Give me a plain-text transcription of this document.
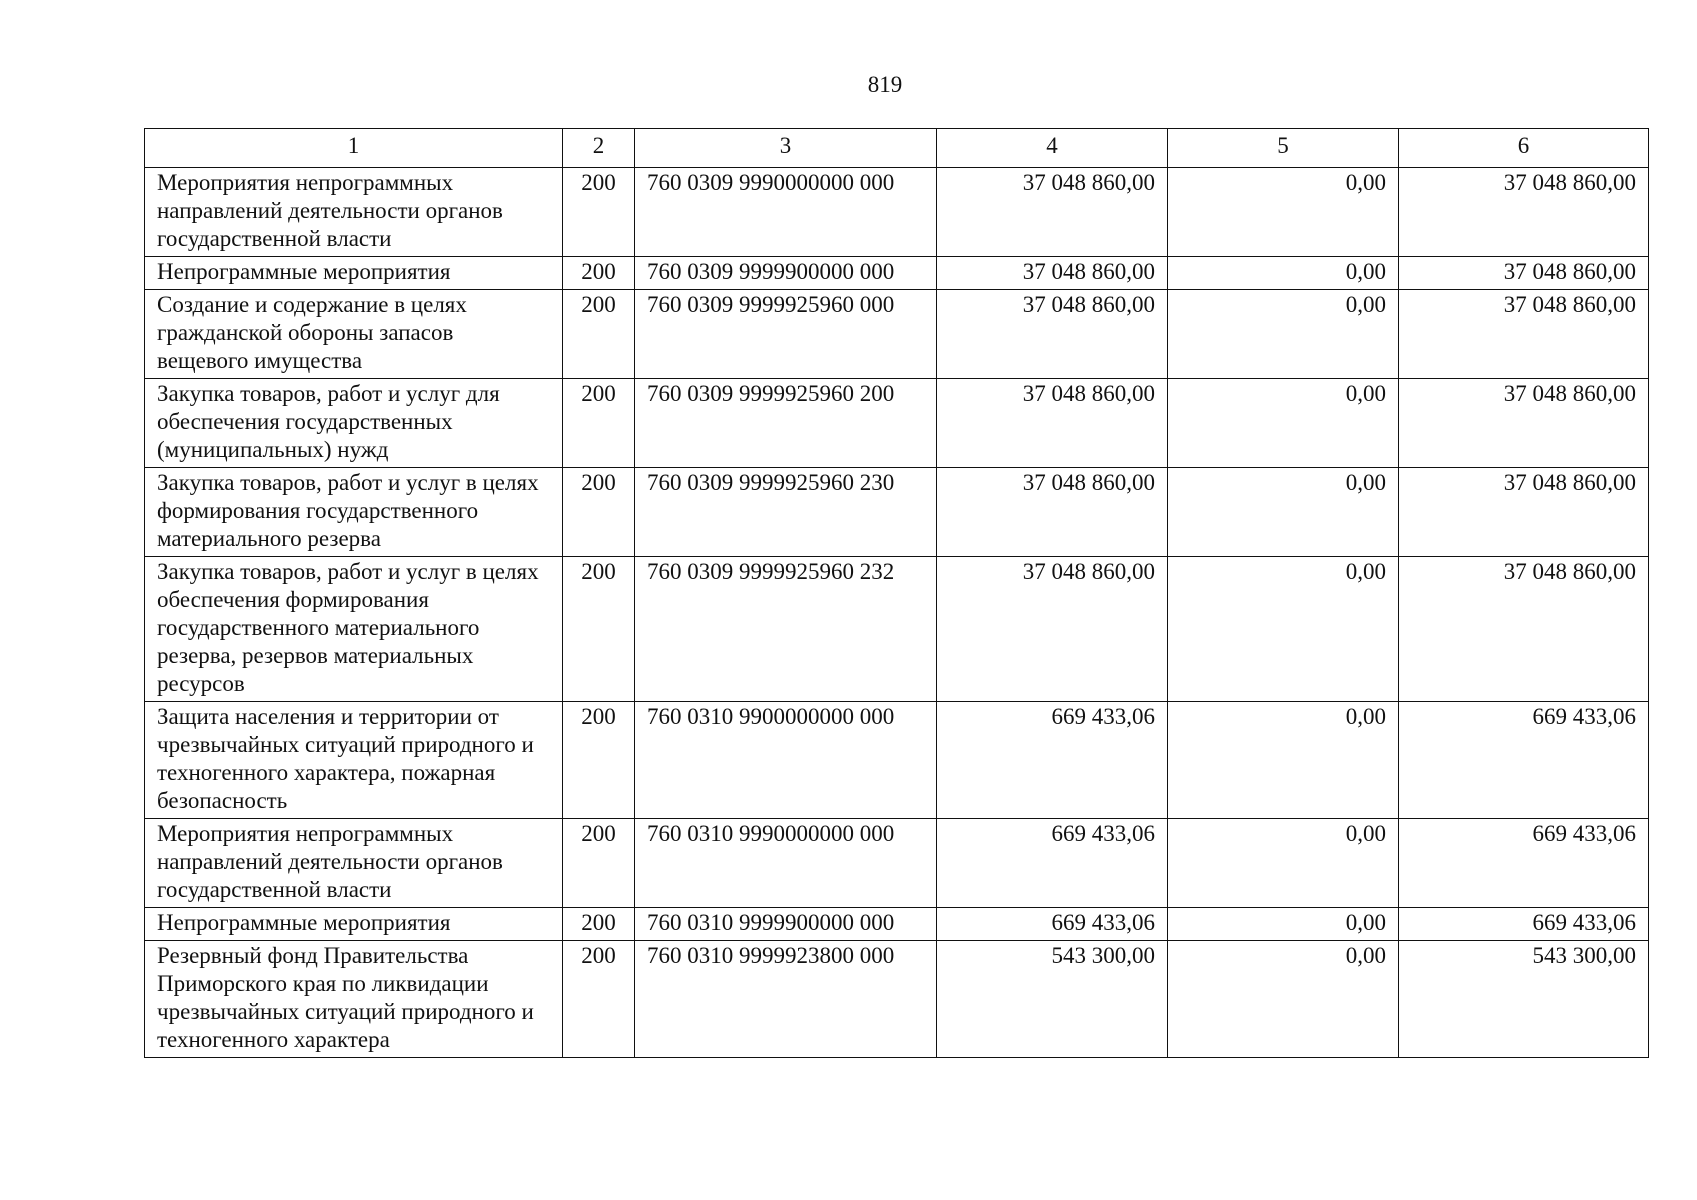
819
1	2	3	4	5	6
Мероприятия непрограммных направлений деятельности органов государственной власти	200	760 0309 9990000000 000	37 048 860,00	0,00	37 048 860,00
Непрограммные мероприятия	200	760 0309 9999900000 000	37 048 860,00	0,00	37 048 860,00
Создание и содержание в целях гражданской обороны запасов вещевого имущества	200	760 0309 9999925960 000	37 048 860,00	0,00	37 048 860,00
Закупка товаров, работ и услуг для обеспечения государственных (муниципальных) нужд	200	760 0309 9999925960 200	37 048 860,00	0,00	37 048 860,00
Закупка товаров, работ и услуг в целях формирования государственного материального резерва	200	760 0309 9999925960 230	37 048 860,00	0,00	37 048 860,00
Закупка товаров, работ и услуг в целях обеспечения формирования государственного материального резерва, резервов материальных ресурсов	200	760 0309 9999925960 232	37 048 860,00	0,00	37 048 860,00
Защита населения и территории от чрезвычайных ситуаций природного и техногенного характера, пожарная безопасность	200	760 0310 9900000000 000	669 433,06	0,00	669 433,06
Мероприятия непрограммных направлений деятельности органов государственной власти	200	760 0310 9990000000 000	669 433,06	0,00	669 433,06
Непрограммные мероприятия	200	760 0310 9999900000 000	669 433,06	0,00	669 433,06
Резервный фонд Правительства Приморского края по ликвидации чрезвычайных ситуаций природного и техногенного характера	200	760 0310 9999923800 000	543 300,00	0,00	543 300,00
